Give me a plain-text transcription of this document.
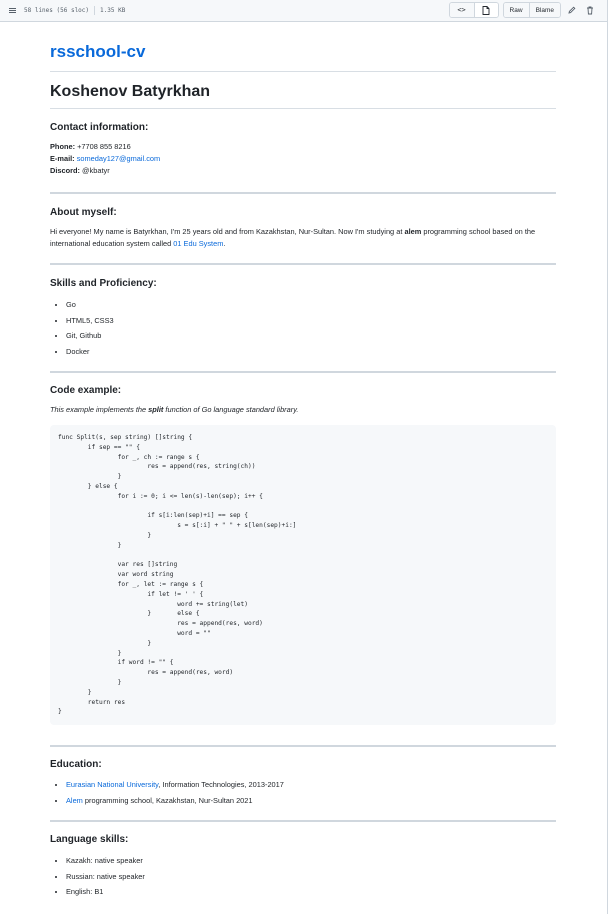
58 lines (56 sloc) 1.35 KB	<>	Raw	Blame
rsschool-cv
Koshenov Batyrkhan
Contact information:

Phone: +7708 855 8216

E-mail: someday127@gmail.com

Discord: @kbatyr

About myself:

Hi everyone! My name is Batyrkhan, I'm 25 years old and from Kazakhstan, Nur-Sultan. Now I'm studying at alem programming school based on the international education system called 01 Edu System.

Skills and Proficiency:
• Go
• HTML5, CSS3
• Git, Github
• Docker
Code example:

This example implements the split function of Go language standard library.

func Split(s, sep string) []string {
if sep == "" {
for _, ch := range s {
res = append(res, string(ch))
}
} else {
for i := 0; i <= len(s)-len(sep); i++ {

if s[i:len(sep)+i] == sep {
s = s[:i] + " " + s[len(sep)+i:]
}
}

var res []string
var word string
for _, let := range s {
if let != ' ' {
word += string(let)
}       else {
res = append(res, word)
word = ""
}
}
if word != "" {
res = append(res, word)
}
}
return res
}
Education:
• Eurasian National University, Information Technologies, 2013-2017
• Alem programming school, Kazakhstan, Nur-Sultan 2021
Language skills:
• Kazakh: native speaker
• Russian: native speaker
• English: B1
